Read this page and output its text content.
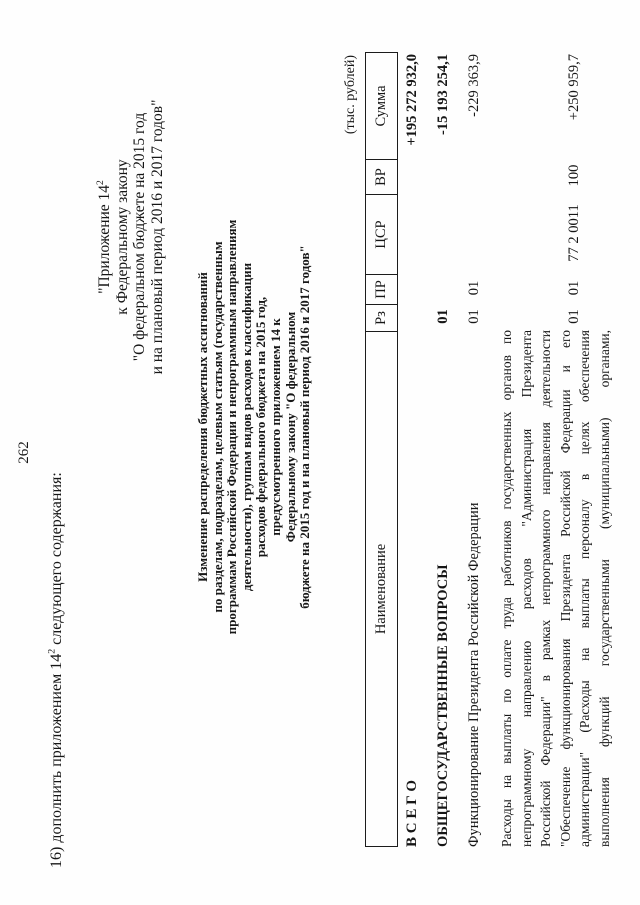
262
16) дополнить приложением $14^2$ следующего содержания:
"Приложение $14^2$ к Федеральному закону "О федеральном бюджете на 2015 год и на плановый период 2016 и 2017 годов"
Изменение распределения бюджетных ассигнований по разделам, подразделам, целевым статьям (государственным программам Российской Федерации и непрограммным направлениям деятельности), группам видов расходов классификации расходов федерального бюджета на 2015 год, предусмотренного приложением 14 к Федеральному закону "О федеральном бюджете на 2015 год и на плановый период 2016 и 2017 годов"
(тыс. рублей)
Наименование
Рз
ПР
ЦСР
ВР
Сумма
В С Е Г О
+195 272 932,0
ОБЩЕГОСУДАРСТВЕННЫЕ ВОПРОСЫ
01
-15 193 254,1
Функционирование Президента Российской Федерации
01
01
-229 363,9
Расходы на выплаты по оплате труда работников государственных органов по непрограммному направлению расходов "Администрация Президента Российской Федерации" в рамках непрограммного направления деятельности "Обеспечение функционирования Президента Российской Федерации и его администрации" (Расходы на выплаты персоналу в целях обеспечения выполнения функций государственными (муниципальными) органами,
01
01
77 2 0011
100
+250 959,7
